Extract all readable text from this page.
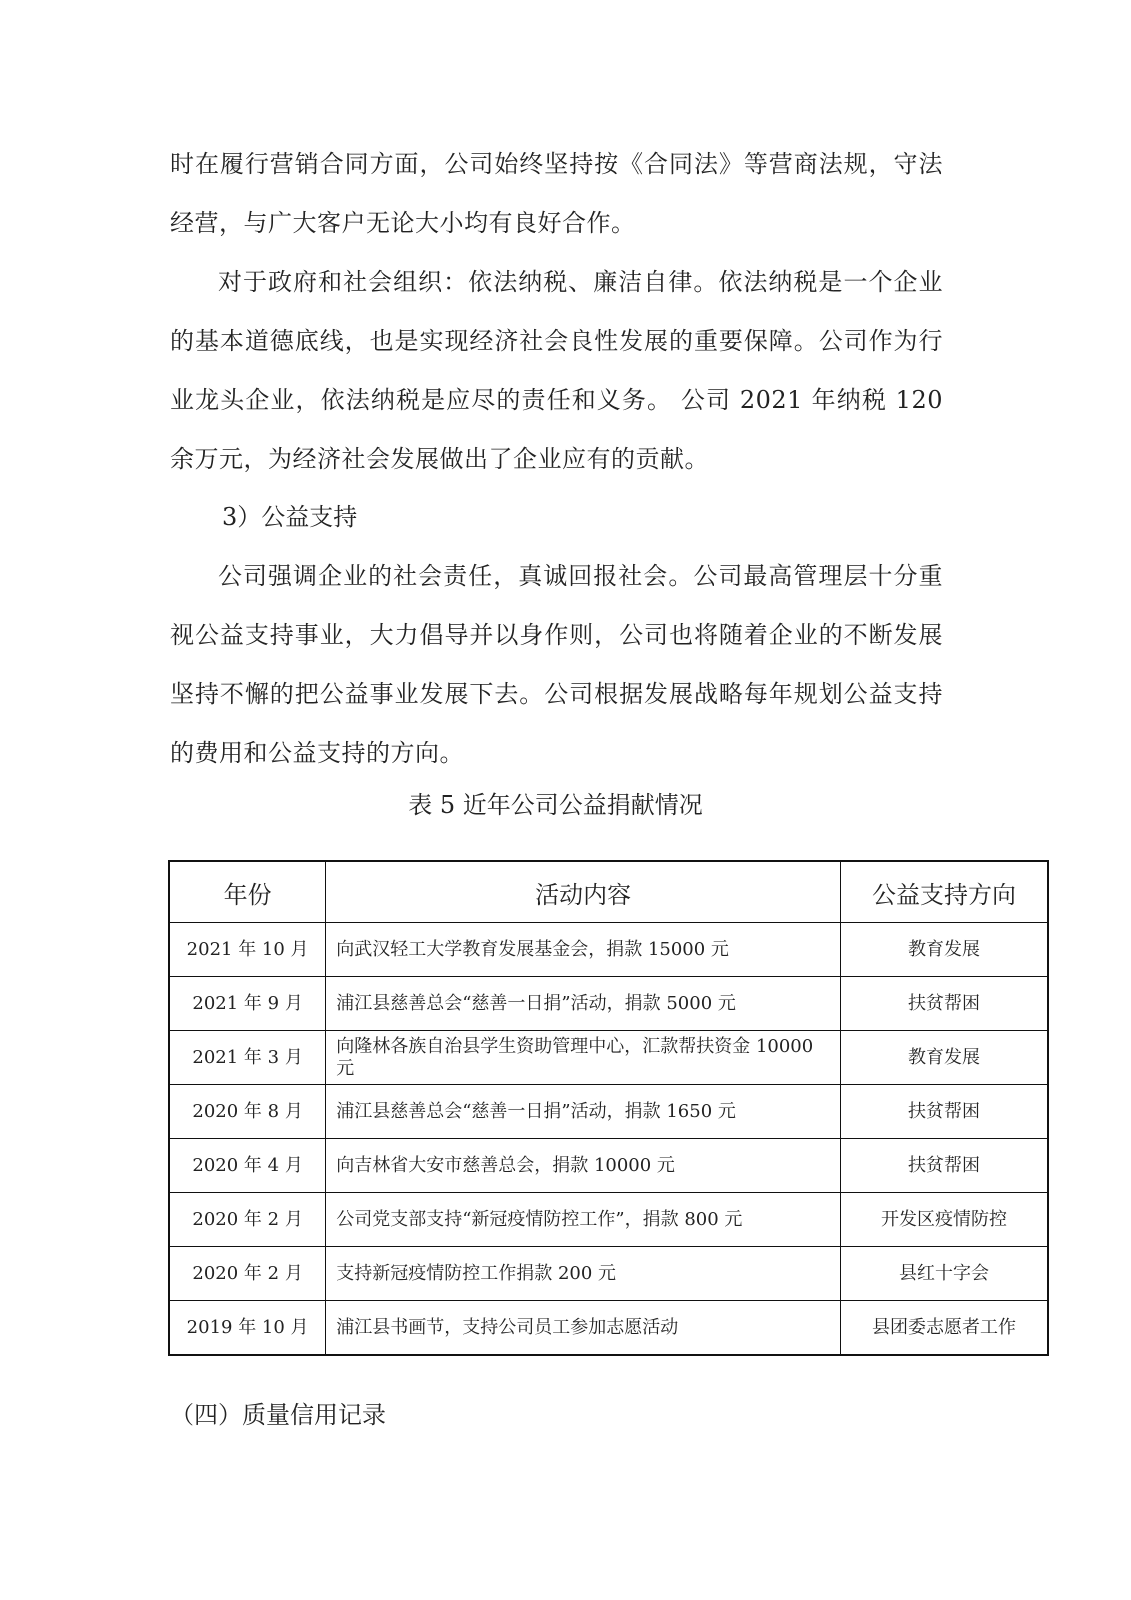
时在履行营销合同方面，公司始终坚持按《合同法》等营商法规，守法经营，与广大客户无论大小均有良好合作。

对于政府和社会组织：依法纳税、廉洁自律。依法纳税是一个企业的基本道德底线，也是实现经济社会良性发展的重要保障。公司作为行业龙头企业，依法纳税是应尽的责任和义务。 公司 2021 年纳税 120 余万元，为经济社会发展做出了企业应有的贡献。

3）公益支持

公司强调企业的社会责任，真诚回报社会。公司最高管理层十分重视公益支持事业，大力倡导并以身作则，公司也将随着企业的不断发展坚持不懈的把公益事业发展下去。公司根据发展战略每年规划公益支持的费用和公益支持的方向。

表 5 近年公司公益捐献情况

年份	活动内容	公益支持方向
2021 年 10 月	向武汉轻工大学教育发展基金会，捐款 15000 元	教育发展
2021 年 9 月	浦江县慈善总会“慈善一日捐”活动，捐款 5000 元	扶贫帮困
2021 年 3 月	向隆林各族自治县学生资助管理中心，汇款帮扶资金 10000 元	教育发展
2020 年 8 月	浦江县慈善总会“慈善一日捐”活动，捐款 1650 元	扶贫帮困
2020 年 4 月	向吉林省大安市慈善总会，捐款 10000 元	扶贫帮困
2020 年 2 月	公司党支部支持“新冠疫情防控工作”，捐款 800 元	开发区疫情防控
2020 年 2 月	支持新冠疫情防控工作捐款 200 元	县红十字会
2019 年 10 月	浦江县书画节，支持公司员工参加志愿活动	县团委志愿者工作

（四）质量信用记录
